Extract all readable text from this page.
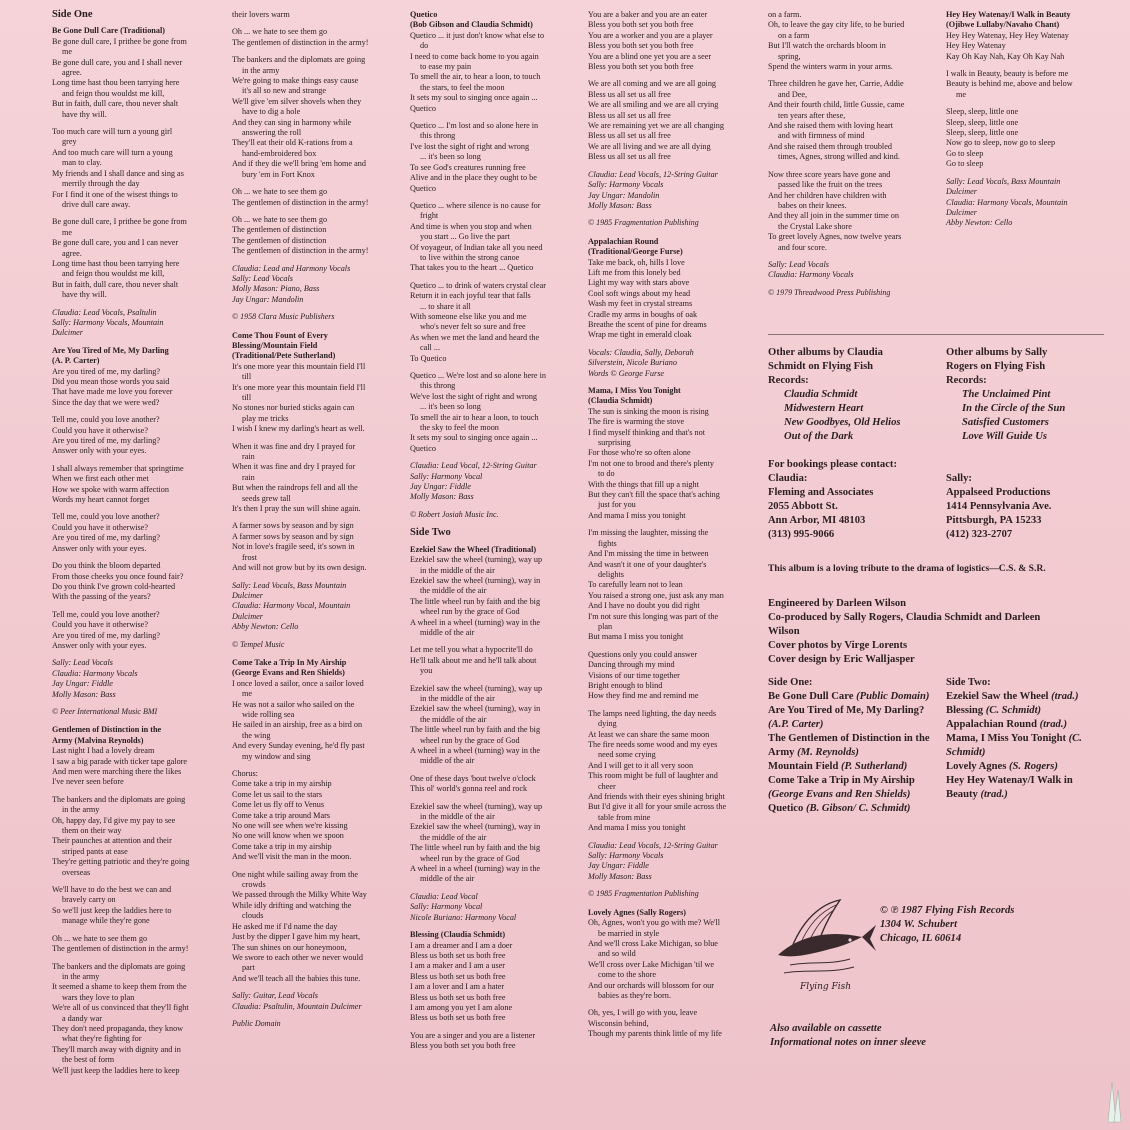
Side One
Be Gone Dull Care (Traditional)

Be gone dull care, I prithee be gone from
me
Be gone dull care, you and I shall never
agree.
Long time hast thou been tarrying here
and feign thou wouldst me kill,
But in faith, dull care, thou never shalt
have thy will.

Too much care will turn a young girl
grey
And too much care will turn a young
man to clay.
My friends and I shall dance and sing as
merrily through the day
For I find it one of the wisest things to
drive dull care away.

Be gone dull care, I prithee be gone from
me
Be gone dull care, you and I can never
agree.
Long time hast thou been tarrying here
and feign thou wouldst me kill,
But in faith, dull care, thou never shalt
have thy will.

Claudia: Lead Vocals, Psaltulin
Sally: Harmony Vocals, Mountain
Dulcimer

Are You Tired of Me, My Darling
(A. P. Carter)

Are you tired of me, my darling?
Did you mean those words you said
That have made me love you forever
Since the day that we were wed?

Tell me, could you love another?
Could you have it otherwise?
Are you tired of me, my darling?
Answer only with your eyes.

I shall always remember that springtime
When we first each other met
How we spoke with warm affection
Words my heart cannot forget

Tell me, could you love another?
Could you have it otherwise?
Are you tired of me, my darling?
Answer only with your eyes.

Do you think the bloom departed
From those cheeks you once found fair?
Do you think I've grown cold-hearted
With the passing of the years?

Tell me, could you love another?
Could you have it otherwise?
Are you tired of me, my darling?
Answer only with your eyes.

Sally: Lead Vocals
Claudia: Harmony Vocals
Jay Ungar: Fiddle
Molly Mason: Bass

© Peer International Music BMI
Gentlemen of Distinction in the
Army (Malvina Reynolds)

Last night I had a lovely dream
I saw a big parade with ticker tape galore
And men were marching there the likes
I've never seen before

The bankers and the diplomats are going
in the army
Oh, happy day, I'd give my pay to see
them on their way
Their paunches at attention and their
striped pants at ease
They're getting patriotic and they're going
overseas

We'll have to do the best we can and
bravely carry on
So we'll just keep the laddies here to
manage while they're gone

Oh ... we hate to see them go
The gentlemen of distinction in the army!

The bankers and the diplomats are going
in the army
It seemed a shame to keep them from the
wars they love to plan
We're all of us convinced that they'll fight
a dandy war
They don't need propaganda, they know
what they're fighting for
They'll march away with dignity and in
the best of form
We'll just keep the laddies here to keep

their lovers warm

Oh ... we hate to see them go
The gentlemen of distinction in the army!

The bankers and the diplomats are going
in the army
We're going to make things easy cause
it's all so new and strange
We'll give 'em silver shovels when they
have to dig a hole
And they can sing in harmony while
answering the roll
They'll eat their old K-rations from a
hand-embroidered box
And if they die we'll bring 'em home and
bury 'em in Fort Knox

Oh ... we hate to see them go
The gentlemen of distinction in the army!

Oh ... we hate to see them go
The gentlemen of distinction
The gentlemen of distinction
The gentlemen of distinction in the army!

Claudia: Lead and Harmony Vocals
Sally: Lead Vocals
Molly Mason: Piano, Bass
Jay Ungar: Mandolin

© 1958 Clara Music Publishers
Come Thou Fount of Every
Blessing/Mountain Field
(Traditional/Pete Sutherland)

It's one more year this mountain field I'll
till
It's one more year this mountain field I'll
till
No stones nor buried sticks again can
play me tricks
I wish I knew my darling's heart as well.

When it was fine and dry I prayed for
rain
When it was fine and dry I prayed for
rain
But when the raindrops fell and all the
seeds grew tall
It's then I pray the sun will shine again.

A farmer sows by season and by sign
A farmer sows by season and by sign
Not in love's fragile seed, it's sown in
frost
And will not grow but by its own design.

Sally: Lead Vocals, Bass Mountain
Dulcimer
Claudia: Harmony Vocal, Mountain
Dulcimer
Abby Newton: Cello

© Tempel Music
Come Take a Trip In My Airship
(George Evans and Ren Shields)

I once loved a sailor, once a sailor loved
me
He was not a sailor who sailed on the
wide rolling sea
He sailed in an airship, free as a bird on
the wing
And every Sunday evening, he'd fly past
my window and sing

Chorus:
Come take a trip in my airship
Come let us sail to the stars
Come let us fly off to Venus
Come take a trip around Mars
No one will see when we're kissing
No one will know when we spoon
Come take a trip in my airship
And we'll visit the man in the moon.

One night while sailing away from the
crowds
We passed through the Milky White Way
While idly drifting and watching the
clouds
He asked me if I'd name the day
Just by the dipper I gave him my heart,
The sun shines on our honeymoon,
We swore to each other we never would
part
And we'll teach all the babies this tune.

Sally: Guitar, Lead Vocals
Claudia: Psaltulin, Mountain Dulcimer

Public Domain
Quetico
(Bob Gibson and Claudia Schmidt)

Quetico ... it just don't know what else to
do
I need to come back home to you again
to ease my pain
To smell the air, to hear a loon, to touch
the stars, to feel the moon
It sets my soul to singing once again ...
Quetico

Quetico ... I'm lost and so alone here in
this throng
I've lost the sight of right and wrong
... it's been so long
To see God's creatures running free
Alive and in the place they ought to be
Quetico

Quetico ... where silence is no cause for
fright
And time is when you stop and when
you start ... Go live the part
Of voyageur, of Indian take all you need
to live within the strong canoe
That takes you to the heart ... Quetico

Quetico ... to drink of waters crystal clear
Return it in each joyful tear that falls
... to share it all
With someone else like you and me
who's never felt so sure and free
As when we met the land and heard the
call ...
To Quetico

Quetico ... We're lost and so alone here in
this throng
We've lost the sight of right and wrong
... it's been so long
To smell the air to hear a loon, to touch
the sky to feel the moon
It sets my soul to singing once again ...
Quetico

Claudia: Lead Vocal, 12-String Guitar
Sally: Harmony Vocal
Jay Ungar: Fiddle
Molly Mason: Bass

© Robert Josiah Music Inc.
Side Two
Ezekiel Saw the Wheel (Traditional)

Ezekiel saw the wheel (turning), way up
in the middle of the air
Ezekiel saw the wheel (turning), way in
the middle of the air
The little wheel run by faith and the big
wheel run by the grace of God
A wheel in a wheel (turning) way in the
middle of the air

Let me tell you what a hypocrite'll do
He'll talk about me and he'll talk about
you

Ezekiel saw the wheel (turning), way up
in the middle of the air
Ezekiel saw the wheel (turning), way in
the middle of the air
The little wheel run by faith and the big
wheel run by the grace of God
A wheel in a wheel (turning) way in the
middle of the air

One of these days 'bout twelve o'clock
This ol' world's gonna reel and rock

Ezekiel saw the wheel (turning), way up
in the middle of the air
Ezekiel saw the wheel (turning), way in
the middle of the air
The little wheel run by faith and the big
wheel run by the grace of God
A wheel in a wheel (turning) way in the
middle of the air

Claudia: Lead Vocal
Sally: Harmony Vocal
Nicole Buriano: Harmony Vocal

Blessing (Claudia Schmidt)

I am a dreamer and I am a doer
Bless us both set us both free
I am a maker and I am a user
Bless us both set us both free
I am a lover and I am a hater
Bless us both set us both free
I am among you yet I am alone
Bless us both set us both free

You are a singer and you are a listener
Bless you both set you both free

You are a baker and you are an eater
Bless you both set you both free
You are a worker and you are a player
Bless you both set you both free
You are a blind one yet you are a seer
Bless you both set you both free

We are all coming and we are all going
Bless us all set us all free
We are all smiling and we are all crying
Bless us all set us all free
We are remaining yet we are all changing
Bless us all set us all free
We are all living and we are all dying
Bless us all set us all free

Claudia: Lead Vocals, 12-String Guitar
Sally: Harmony Vocals
Jay Ungar: Mandolin
Molly Mason: Bass

© 1985 Fragmentation Publishing
Appalachian Round
(Traditional/George Furse)

Take me back, oh, hills I love
Lift me from this lonely bed
Light my way with stars above
Cool soft wings about my head
Wash my feet in crystal streams
Cradle my arms in boughs of oak
Breathe the scent of pine for dreams
Wrap me tight in emerald cloak

Vocals: Claudia, Sally, Deborah
Silverstein, Nicole Buriano
Words © George Furse

Mama, I Miss You Tonight
(Claudia Schmidt)

The sun is sinking the moon is rising
The fire is warming the stove
I find myself thinking and that's not
surprising
For those who're so often alone
I'm not one to brood and there's plenty
to do
With the things that fill up a night
But they can't fill the space that's aching
just for you
And mama I miss you tonight

I'm missing the laughter, missing the
fights
And I'm missing the time in between
And wasn't it one of your daughter's
delights
To carefully learn not to lean
You raised a strong one, just ask any man
And I have no doubt you did right
I'm not sure this longing was part of the
plan
But mama I miss you tonight

Questions only you could answer
Dancing through my mind
Visions of our time together
Bright enough to blind
How they find me and remind me

The lamps need lighting, the day needs
dying
At least we can share the same moon
The fire needs some wood and my eyes
need some crying
And I will get to it all very soon
This room might be full of laughter and
cheer
And friends with their eyes shining bright
But I'd give it all for your smile across the
table from mine
And mama I miss you tonight

Claudia: Lead Vocals, 12-String Guitar
Sally: Harmony Vocals
Jay Ungar: Fiddle
Molly Mason: Bass

© 1985 Fragmentation Publishing
Lovely Agnes (Sally Rogers)

Oh, Agnes, won't you go with me? We'll
be married in style
And we'll cross Lake Michigan, so blue
and so wild
We'll cross over Lake Michigan 'til we
come to the shore
And our orchards will blossom for our
babies as they're born.

Oh, yes, I will go with you, leave
Wisconsin behind,
Though my parents think little of my life

on a farm.
Oh, to leave the gay city life, to be buried
on a farm
But I'll watch the orchards bloom in
spring,
Spend the winters warm in your arms.

Three children he gave her, Carrie, Addie
and Dee,
And their fourth child, little Gussie, came
ten years after these,
And she raised them with loving heart
and with firmness of mind
And she raised them through troubled
times, Agnes, strong willed and kind.

Now three score years have gone and
passed like the fruit on the trees
And her children have children with
babes on their knees.
And they all join in the summer time on
the Crystal Lake shore
To greet lovely Agnes, now twelve years
and four score.

Sally: Lead Vocals
Claudia: Harmony Vocals

© 1979 Threadwood Press Publishing
Hey Hey Watenay/I Walk in Beauty
(Ojibwe Lullaby/Navaho Chant)

Hey Hey Watenay, Hey Hey Watenay
Hey Hey Watenay
Kay Oh Kay Nah, Kay Oh Kay Nah

I walk in Beauty, beauty is before me
Beauty is behind me, above and below
me

Sleep, sleep, little one
Sleep, sleep, little one
Sleep, sleep, little one
Now go to sleep, now go to sleep
Go to sleep
Go to sleep

Sally: Lead Vocals, Bass Mountain
Dulcimer
Claudia: Harmony Vocals, Mountain
Dulcimer
Abby Newton: Cello

Other albums by Claudia
Schmidt on Flying Fish
Records:
Claudia Schmidt
Midwestern Heart
New Goodbyes, Old Helios
Out of the Dark
Other albums by Sally
Rogers on Flying Fish
Records:
The Unclaimed Pint
In the Circle of the Sun
Satisfied Customers
Love Will Guide Us
For bookings please contact:
Claudia:
Fleming and Associates
2055 Abbott St.
Ann Arbor, MI 48103
(313) 995-9066
Sally:
Appalseed Productions
1414 Pennsylvania Ave.
Pittsburgh, PA 15233
(412) 323-2707
This album is a loving tribute to the drama of logistics—C.S. & S.R.
Engineered by Darleen Wilson
Co-produced by Sally Rogers, Claudia Schmidt and Darleen
Wilson
Cover photos by Virge Lorents
Cover design by Eric Walljasper
Side One:
Be Gone Dull Care (Public Domain)
Are You Tired of Me, My Darling? (A.P. Carter)
The Gentlemen of Distinction in the Army (M. Reynolds)
Mountain Field (P. Sutherland)
Come Take a Trip in My Airship (George Evans and Ren Shields)
Quetico (B. Gibson/ C. Schmidt)
Side Two:
Ezekiel Saw the Wheel (trad.)
Blessing (C. Schmidt)
Appalachian Round (trad.)
Mama, I Miss You Tonight (C. Schmidt)
Lovely Agnes (S. Rogers)
Hey Hey Watenay/I Walk in Beauty (trad.)
Flying Fish
© ℗ 1987 Flying Fish Records
1304 W. Schubert
Chicago, IL 60614
Also available on cassette
Informational notes on inner sleeve
